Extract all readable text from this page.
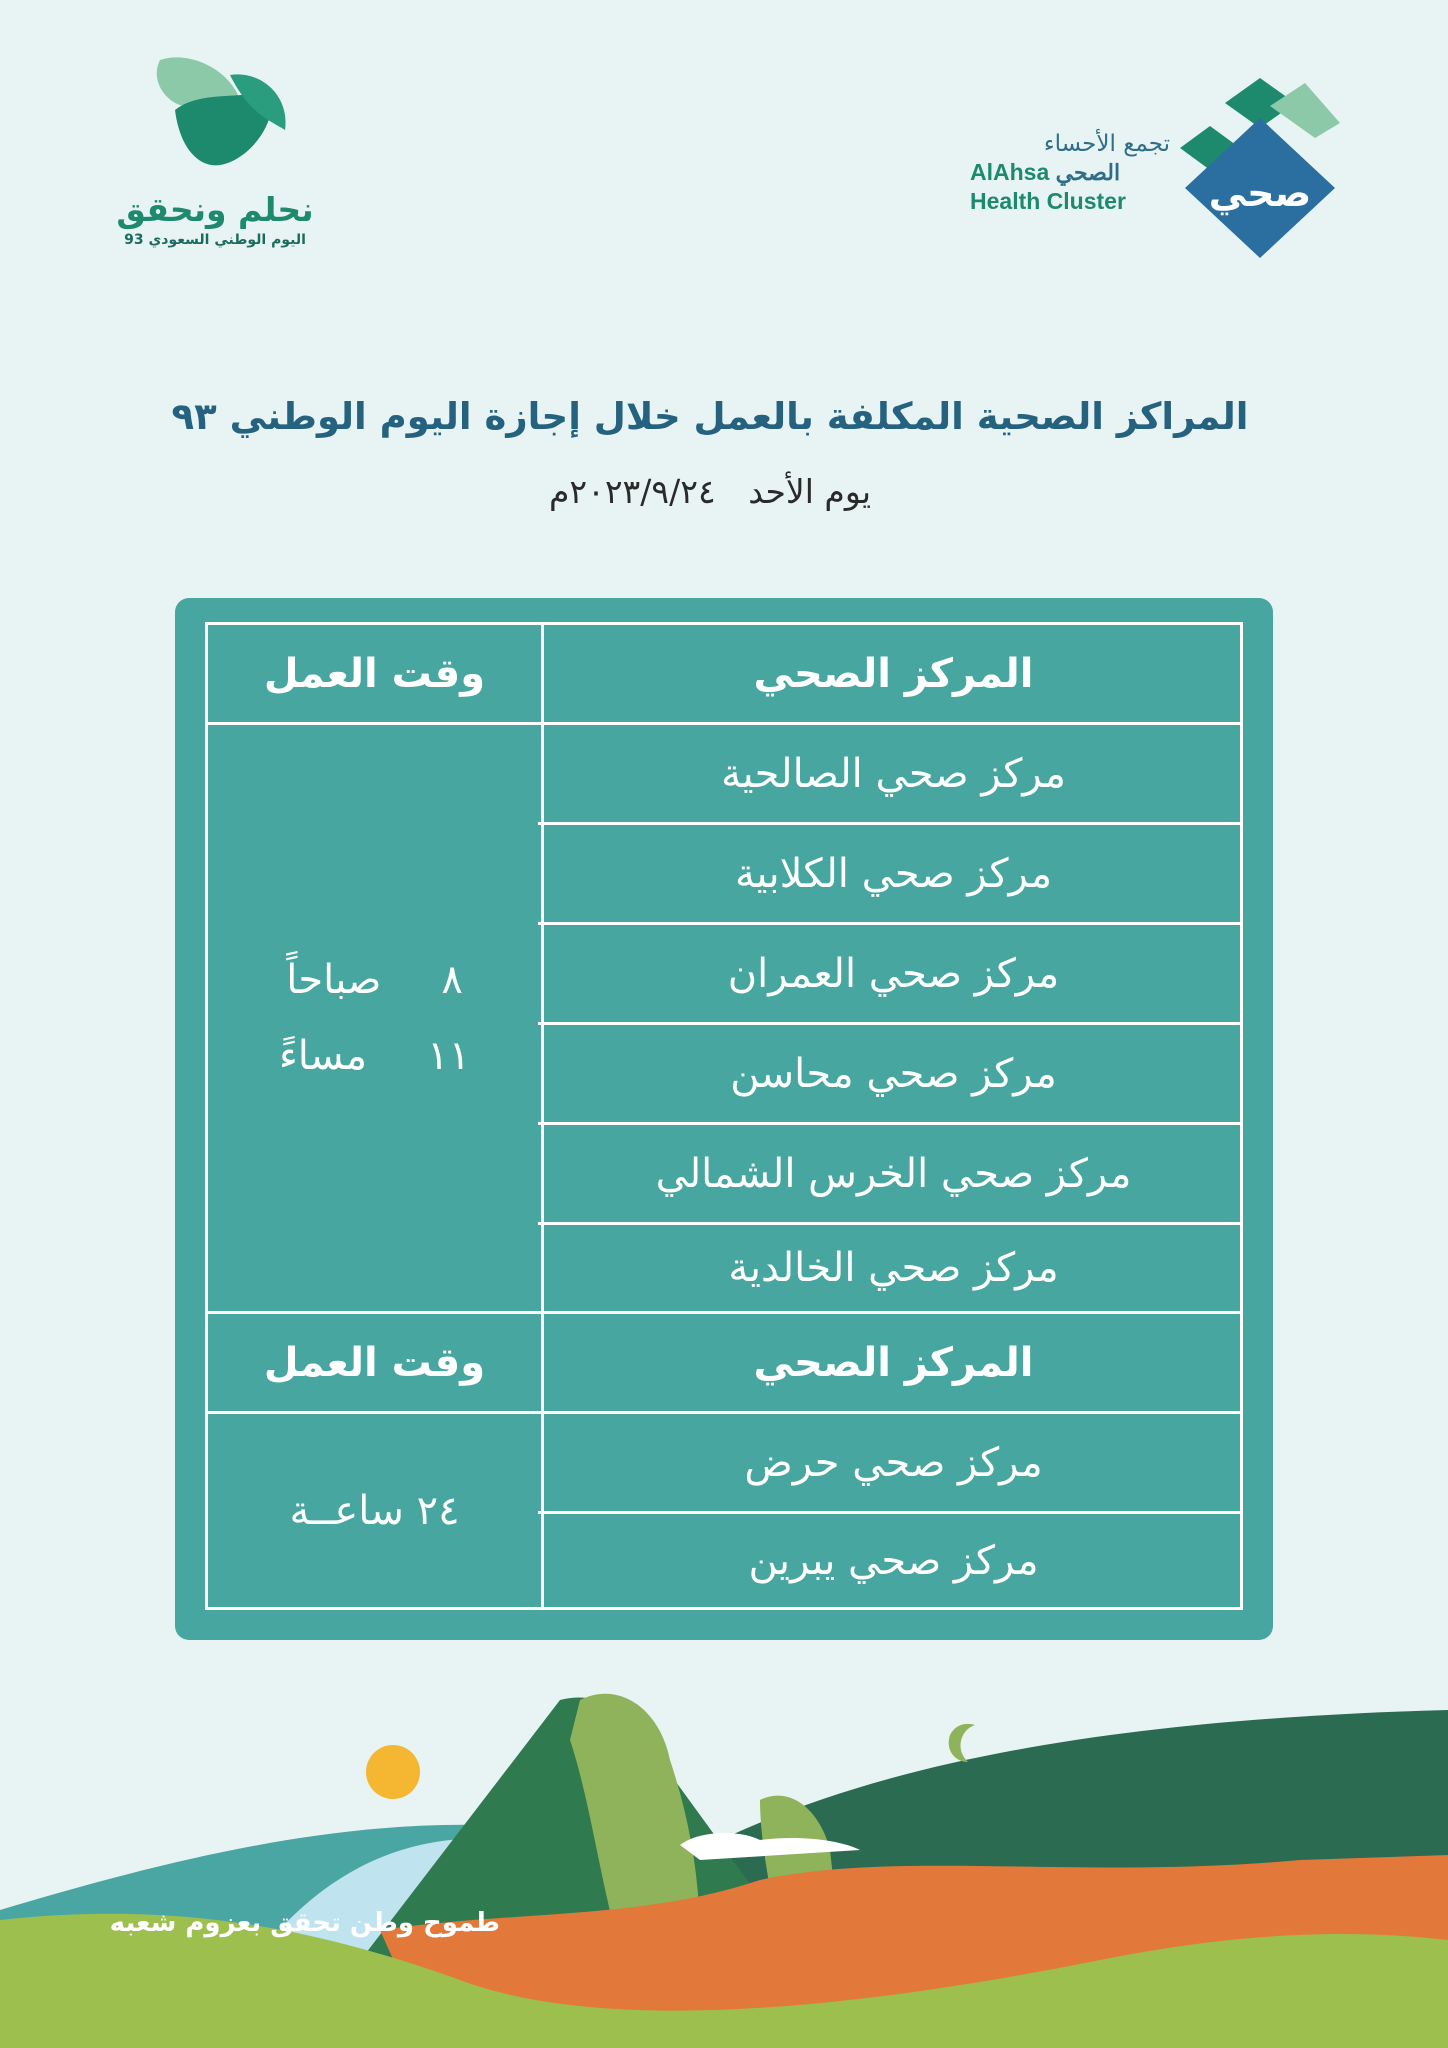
تجمع الأحساء
AlAhsa الصحي
Health Cluster	صحي
نحلم ونحقق
اليوم الوطني السعودي 93
المراكز الصحية المكلفة بالعمل خلال إجازة اليوم الوطني ٩٣
يوم الأحد ٢٠٢٣/٩/٢٤م
المركز الصحي
وقت العمل
مركز صحي الصالحية
مركز صحي الكلابية
مركز صحي العمران
مركز صحي محاسن
مركز صحي الخرس الشمالي
مركز صحي الخالدية
٨
صباحاً
١١
مساءً
المركز الصحي
وقت العمل
مركز صحي حرض
مركز صحي يبرين
٢٤ ساعــة
طموح وطن تحقق بعزوم شعبه
